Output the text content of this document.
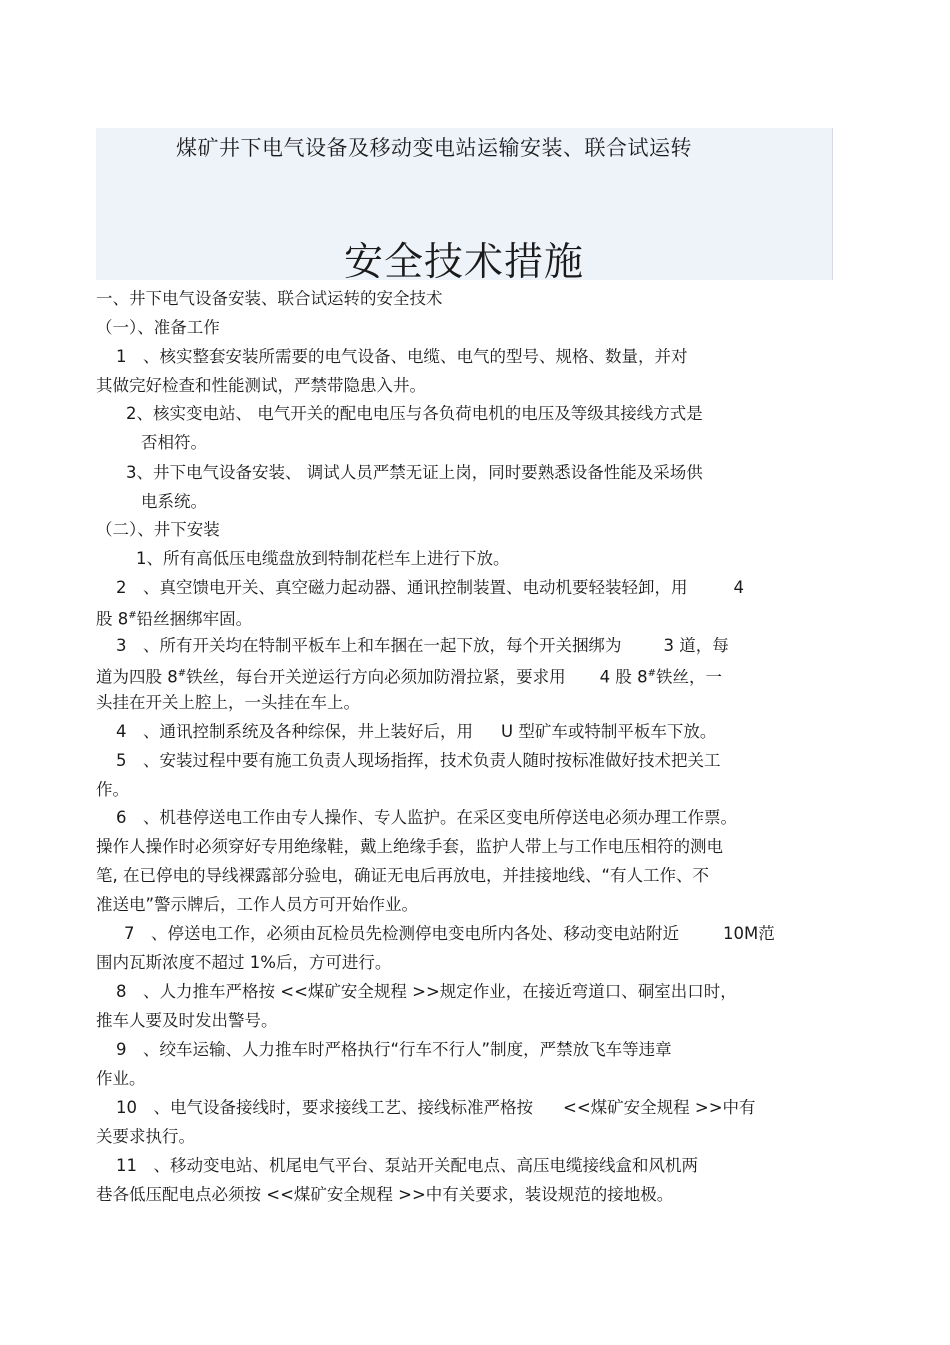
煤矿井下电气设备及移动变电站运输安装、联合试运转
安全技术措施
一、井下电气设备安装、联合试运转的安全技术
（一）、准备工作
1　、核实整套安装所需要的电气设备、电缆、电气的型号、规格、数量，并对
其做完好检查和性能测试，严禁带隐患入井。
2、核实变电站、 电气开关的配电电压与各负荷电机的电压及等级其接线方式是
否相符。
3、井下电气设备安装、 调试人员严禁无证上岗，同时要熟悉设备性能及采场供
电系统。
（二）、井下安装
1、所有高低压电缆盘放到特制花栏车上进行下放。
2　、真空馈电开关、真空磁力起动器、通讯控制装置、电动机要轻装轻卸，用	4
股 8#铅丝捆绑牢固。
3　、所有开关均在特制平板车上和车捆在一起下放，每个开关捆绑为	3 道，每
道为四股 8#铁丝，每台开关逆运行方向必须加防滑拉紧，要求用 4 股 8#铁丝，一
头挂在开关上腔上，一头挂在车上。
4　、通讯控制系统及各种综保，井上装好后，用 U 型矿车或特制平板车下放。
5　、安装过程中要有施工负责人现场指挥，技术负责人随时按标准做好技术把关工
作。
6　、机巷停送电工作由专人操作、专人监护。在采区变电所停送电必须办理工作票。
操作人操作时必须穿好专用绝缘鞋，戴上绝缘手套，监护人带上与工作电压相符的测电
笔, 在已停电的导线裸露部分验电，确证无电后再放电，并挂接地线、“有人工作、不
准送电”警示牌后，工作人员方可开始作业。
7　、停送电工作，必须由瓦检员先检测停电变电所内各处、移动变电站附近	10M范
围内瓦斯浓度不超过 1%后，方可进行。
8　、人力推车严格按 <<煤矿安全规程 >>规定作业，在接近弯道口、硐室出口时，
推车人要及时发出警号。
9　、绞车运输、人力推车时严格执行“行车不行人”制度，严禁放飞车等违章
作业。
10　、电气设备接线时，要求接线工艺、接线标准严格按 <<煤矿安全规程 >>中有
关要求执行。
11　、移动变电站、机尾电气平台、泵站开关配电点、高压电缆接线盒和风机两
巷各低压配电点必须按 <<煤矿安全规程 >>中有关要求，装设规范的接地极。
